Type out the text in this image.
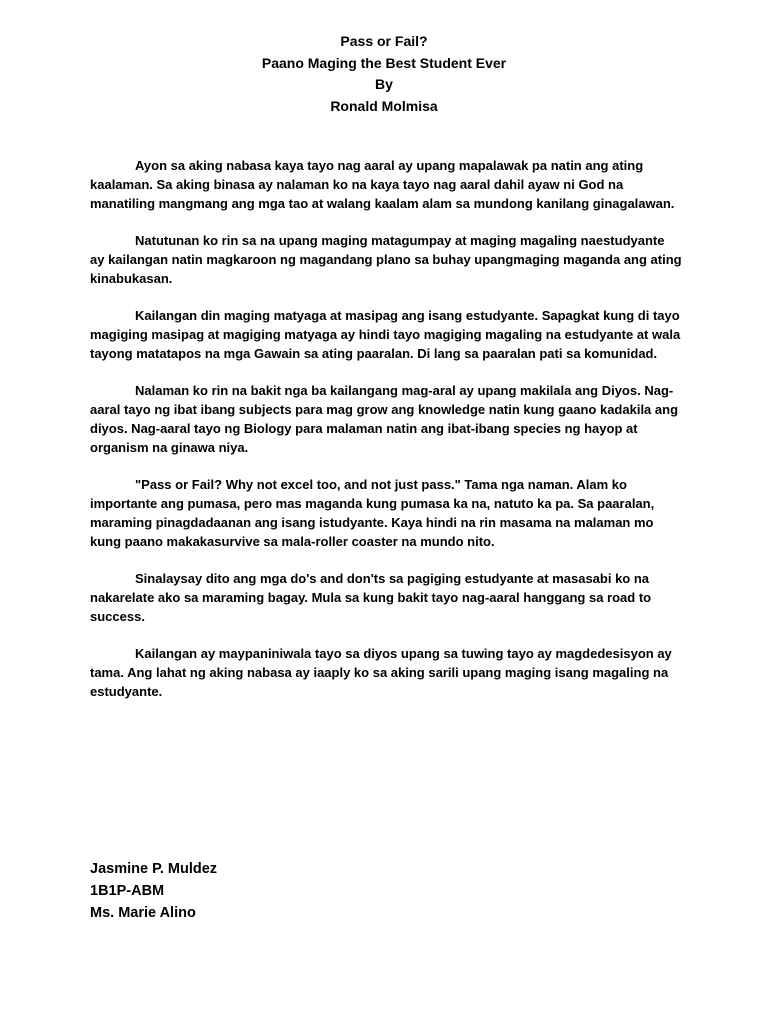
Pass or Fail?
Paano Maging the Best Student Ever
By
Ronald Molmisa

Ayon sa aking nabasa kaya tayo nag aaral ay upang mapalawak pa natin ang ating kaalaman. Sa aking binasa ay nalaman ko na kaya tayo nag aaral dahil ayaw ni God na manatiling mangmang ang mga tao at walang kaalam alam sa mundong kanilang ginagalawan.

Natutunan ko rin sa na upang maging matagumpay at maging magaling naestudyante ay kailangan natin magkaroon ng magandang plano sa buhay upangmaging maganda ang ating kinabukasan.

Kailangan din maging matyaga at masipag ang isang estudyante. Sapagkat kung di tayo magiging masipag at magiging matyaga ay hindi tayo magiging magaling na estudyante at wala tayong matatapos na mga Gawain sa ating paaralan. Di lang sa paaralan pati sa komunidad.

Nalaman ko rin na bakit nga ba kailangang mag-aral ay upang makilala ang Diyos. Nag-aaral tayo ng ibat ibang subjects para mag grow ang knowledge natin kung gaano kadakila ang diyos. Nag-aaral tayo ng Biology para malaman natin ang ibat-ibang species ng hayop at organism na ginawa niya.

"Pass or Fail? Why not excel too, and not just pass." Tama nga naman. Alam ko importante ang pumasa, pero mas maganda kung pumasa ka na, natuto ka pa. Sa paaralan, maraming pinagdadaanan ang isang istudyante. Kaya hindi na rin masama na malaman mo kung paano makakasurvive sa mala-roller coaster na mundo nito.

Sinalaysay dito ang mga do's and don'ts sa pagiging estudyante at masasabi ko na nakarelate ako sa maraming bagay. Mula sa kung bakit tayo nag-aaral hanggang sa road to success.

Kailangan ay maypaniniwala tayo sa diyos upang sa tuwing tayo ay magdedesisyon ay tama. Ang lahat ng aking nabasa ay iaaply ko sa aking sarili upang maging isang magaling na estudyante.

Jasmine P. Muldez
1B1P-ABM
Ms. Marie Alino
